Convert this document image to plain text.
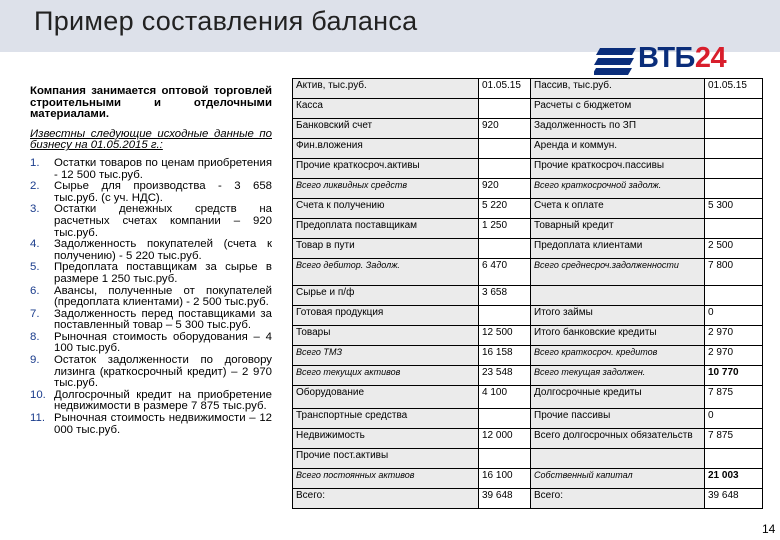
Пример составления баланса
ВТБ24
Компания занимается оптовой торговлей строительными и отделочными материалами.
Известны следующие исходные данные по бизнесу на 01.05.2015 г.:
1. Остатки товаров по ценам приобретения - 12 500 тыс.руб.
2. Сырье для производства - 3 658 тыс.руб. (с уч. НДС).
3. Остатки денежных средств на расчетных счетах компании – 920 тыс.руб.
4. Задолженность покупателей (счета к получению) - 5 220 тыс.руб.
5. Предоплата поставщикам за сырье в размере 1 250 тыс.руб.
6. Авансы, полученные от покупателей (предоплата клиентами) - 2 500 тыс.руб.
7. Задолженность перед поставщиками за поставленный товар – 5 300 тыс.руб.
8. Рыночная стоимость оборудования – 4 100 тыс.руб.
9. Остаток задолженности по договору лизинга (краткосрочный кредит) – 2 970 тыс.руб.
10. Долгосрочный кредит на приобретение недвижимости в размере 7 875 тыс.руб.
11. Рыночная стоимость недвижимости – 12 000 тыс.руб.
Актив, тыс.руб.	01.05.15	Пассив, тыс.руб.	01.05.15
Касса		Расчеты с бюджетом	
Банковский счет	920	Задолженность по ЗП	
Фин.вложения		Аренда и коммун.	
Прочие краткосроч.активы		Прочие краткосроч.пассивы	
Всего ликвидных средств	920	Всего краткосрочной задолж.	
Счета к получению	5 220	Счета к оплате	5 300
Предоплата поставщикам	1 250	Товарный кредит	
Товар в пути		Предоплата клиентами	2 500
Всего дебитор. Задолж.	6 470	Всего среднесроч.задолженности	7 800
Сырье и п/ф	3 658		
Готовая продукция		Итого займы	0
Товары	12 500	Итого банковские кредиты	2 970
Всего ТМЗ	16 158	Всего краткосроч. кредитов	2 970
Всего текущих активов	23 548	Всего текущая задолжен.	10 770
Оборудование	4 100	Долгосрочные кредиты	7 875
Транспортные средства		Прочие пассивы	0
Недвижимость	12 000	Всего долгосрочных обязательств	7 875
Прочие пост.активы			
Всего постоянных активов	16 100	Собственный капитал	21 003
Всего:	39 648	Всего:	39 648
14
